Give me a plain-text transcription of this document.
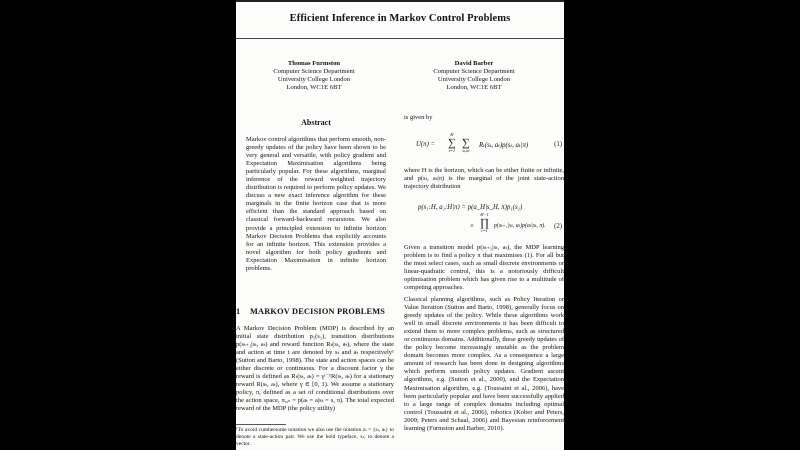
Efficient Inference in Markov Control Problems
Thomas Furmston
Computer Science Department
University College London
London, WC1E 6BT
David Barber
Computer Science Department
University College London
London, WC1E 6BT
Abstract

Markov control algorithms that perform smooth, non-greedy updates of the policy have been shown to be very general and versatile, with policy gradient and Expectation Maximisation algorithms being particularly popular. For these algorithms, marginal inference of the reward weighted trajectory distribution is required to perform policy updates. We discuss a new exact inference algorithm for these marginals in the finite horizon case that is more efficient than the standard approach based on classical forward-backward recursions. We also provide a principled extension to infinite horizon Markov Decision Problems that explicitly accounts for an infinite horizon. This extension provides a novel algorithm for both policy gradients and Expectation Maximisation in infinite horizon problems.

1 MARKOV DECISION PROBLEMS

A Markov Decision Problem (MDP) is described by an initial state distribution p₁(s₁), transition distributions p(sₜ₊₁|sₜ, aₜ) and reward function Rₜ(sₜ, aₜ), where the state and action at time t are denoted by sₜ and aₜ respectively¹ (Sutton and Barto, 1998). The state and action spaces can be either discrete or continuous. For a discount factor γ the reward is defined as Rₜ(sₜ, aₜ) = γᵗ⁻¹R(sₜ, aₜ) for a stationary reward R(sₜ, aₜ), where γ ∈ [0, 1). We assume a stationary policy, π, defined as a set of conditional distributions over the action space, πₐ,ₛ = p(aₜ = a|sₜ = s, π). The total expected reward of the MDP (the policy utility)

¹To avoid cumbersome notation we also use the notation zₜ = {sₜ, aₜ} to denote a state-action pair. We use the bold typeface, xₜ, to denote a vector.
is given by
U(π) =
H
∑
t=1
∑
sₜ,aₜ
Rₜ(sₜ, aₜ)p(sₜ, aₜ|π)	(1)

where H is the horizon, which can be either finite or infinite, and p(sₜ, aₜ|π) is the marginal of the joint state-action trajectory distribution

p(s₁:H, a₁:H|π) = p(a_H|s_H, π)p₁(s₁)
×
H−1
∏
t=1
p(sₜ₊₁|sₜ, aₜ)p(aₜ|sₜ, π). (2)

Given a transition model p(sₜ₊₁|sₜ, aₜ), the MDP learning problem is to find a policy π that maximises (1). For all but the most select cases, such as small discrete environments or linear-quadratic control, this is a notoriously difficult optimisation problem which has given rise to a multitude of competing approaches.

Classical planning algorithms, such as Policy Iteration or Value Iteration (Sutton and Barto, 1998), generally focus on greedy updates of the policy. While these algorithms work well in small discrete environments it has been difficult to extend them to more complex problems, such as structured or continuous domains. Additionally, these greedy updates of the policy become increasingly unstable as the problem domain becomes more complex. As a consequence a large amount of research has been done in designing algorithms which perform smooth policy updates. Gradient ascent algorithms, e.g. (Sutton et al., 2000), and the Expectation Maximisation algorithm, e.g. (Toussaint et al., 2006), have been particularly popular and have been successfully applied to a large range of complex domains including optimal control (Toussaint et al., 2006), robotics (Kober and Peters, 2009; Peters and Schaal, 2006) and Bayesian reinforcement learning (Furmston and Barber, 2010).
